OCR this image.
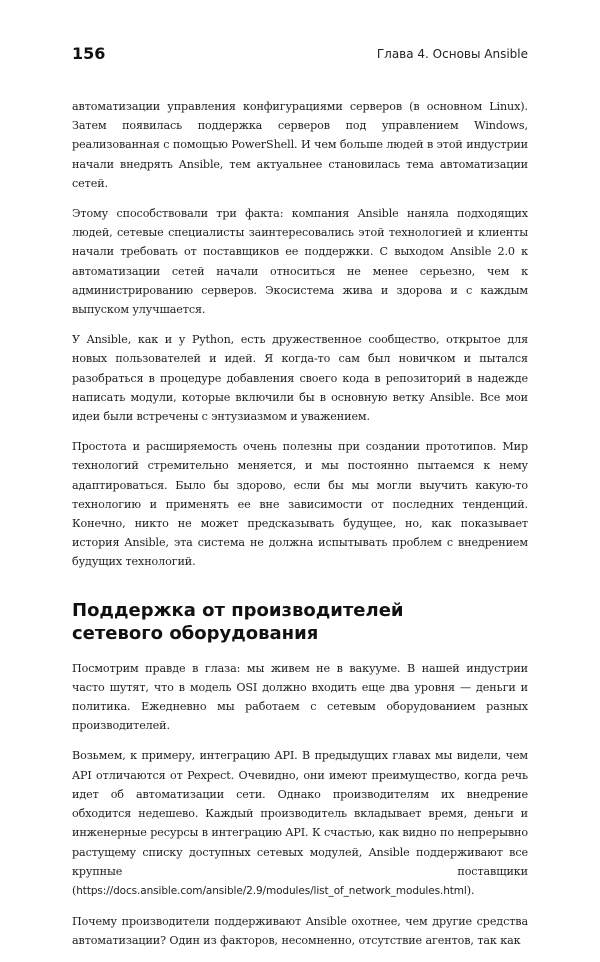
156	Глава 4. Основы Ansible

автоматизации управления конфигурациями серверов (в основном Linux). Затем появилась поддержка серверов под управлением Windows, реализованная с помощью PowerShell. И чем больше людей в этой индустрии начали внедрять Ansible, тем актуальнее становилась тема автоматизации сетей.

Этому способствовали три факта: компания Ansible наняла подходящих людей, сетевые специалисты заинтересовались этой технологией и клиенты начали требовать от поставщиков ее поддержки. С выходом Ansible 2.0 к автоматизации сетей начали относиться не менее серьезно, чем к администрированию серверов. Экосистема жива и здорова и с каждым выпуском улучшается.

У Ansible, как и у Python, есть дружественное сообщество, открытое для новых пользователей и идей. Я когда-то сам был новичком и пытался разобраться в процедуре добавления своего кода в репозиторий в надежде написать модули, которые включили бы в основную ветку Ansible. Все мои идеи были встречены с энтузиазмом и уважением.

Простота и расширяемость очень полезны при создании прототипов. Мир технологий стремительно меняется, и мы постоянно пытаемся к нему адаптироваться. Было бы здорово, если бы мы могли выучить какую-то технологию и применять ее вне зависимости от последних тенденций. Конечно, никто не может предсказывать будущее, но, как показывает история Ansible, эта система не должна испытывать проблем с внедрением будущих технологий.

Поддержка от производителей
сетевого оборудования

Посмотрим правде в глаза: мы живем не в вакууме. В нашей индустрии часто шутят, что в модель OSI должно входить еще два уровня — деньги и политика. Ежедневно мы работаем с сетевым оборудованием разных производителей.

Возьмем, к примеру, интеграцию API. В предыдущих главах мы видели, чем API отличаются от Pexpect. Очевидно, они имеют преимущество, когда речь идет об автоматизации сети. Однако производителям их внедрение обходится недешево. Каждый производитель вкладывает время, деньги и инженерные ресурсы в интеграцию API. К счастью, как видно по непрерывно растущему списку доступных сетевых модулей, Ansible поддерживают все крупные поставщики (https://docs.ansible.com/ansible/2.9/modules/list_of_network_modules.html).

Почему производители поддерживают Ansible охотнее, чем другие средства автоматизации? Один из факторов, несомненно, отсутствие агентов, так как
